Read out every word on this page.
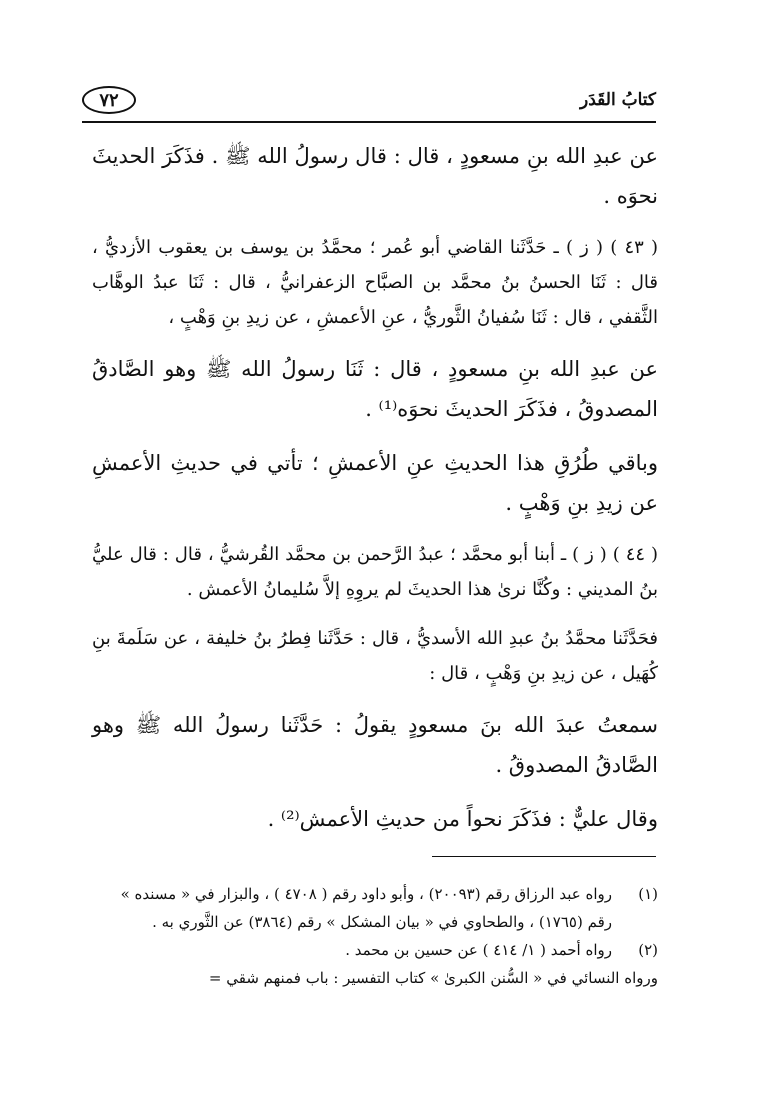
٧٢	كتابُ القَدَر

عن عبدِ الله بنِ مسعودٍ ، قال : قال رسولُ الله ﷺ . فذَكَرَ الحديثَ نحوَه .

( ٤٣ ) ( ز ) ـ حَدَّثَنا القاضي أبو عُمر ؛ محمَّدُ بن يوسف بن يعقوب الأزديُّ ، قال : ثَنَا الحسنُ بنُ محمَّد بن الصبَّاح الزعفرانيُّ ، قال : ثَنَا عبدُ الوهَّاب الثَّقفي ، قال : ثَنَا سُفيانُ الثَّوريُّ ، عنِ الأعمشِ ، عن زيدِ بنِ وَهْبٍ ،

عن عبدِ الله بنِ مسعودٍ ، قال : ثَنَا رسولُ الله ﷺ وهو الصَّادقُ المصدوقُ ، فذَكَرَ الحديثَ نحوَه⁽¹⁾ .

وباقي طُرُقِ هذا الحديثِ عنِ الأعمشِ ؛ تأتي في حديثِ الأعمشِ عن زيدِ بنِ وَهْبٍ .

( ٤٤ ) ( ز ) ـ أبنا أبو محمَّد ؛ عبدُ الرَّحمن بن محمَّد القُرشيُّ ، قال : قال عليُّ بنُ المديني : وكُنَّا نرىٰ هذا الحديثَ لم يروِهِ إلاَّ سُليمانُ الأعمش .

فحَدَّثَنا محمَّدُ بنُ عبدِ الله الأسديُّ ، قال : حَدَّثَنا فِطرُ بنُ خليفة ، عن سَلَمةَ بنِ كُهَيل ، عن زيدِ بنِ وَهْبٍ ، قال :

سمعتُ عبدَ الله بنَ مسعودٍ يقولُ : حَدَّثَنا رسولُ الله ﷺ وهو الصَّادقُ المصدوقُ .

وقال عليٌّ : فذَكَرَ نحواً من حديثِ الأعمش⁽²⁾ .

(١)
رواه عبد الرزاق رقم (٢٠٠٩٣) ، وأبو داود رقم ( ٤٧٠٨ ) ، والبزار في « مسنده » رقم (١٧٦٥) ، والطحاوي في « بيان المشكل » رقم (٣٨٦٤) عن الثَّوري به .

(٢)
رواه أحمد ( ١/ ٤١٤ ) عن حسين بن محمد .

ورواه النسائي في « السُّنن الكبرىٰ » كتاب التفسير : باب فمنهم شقي =
